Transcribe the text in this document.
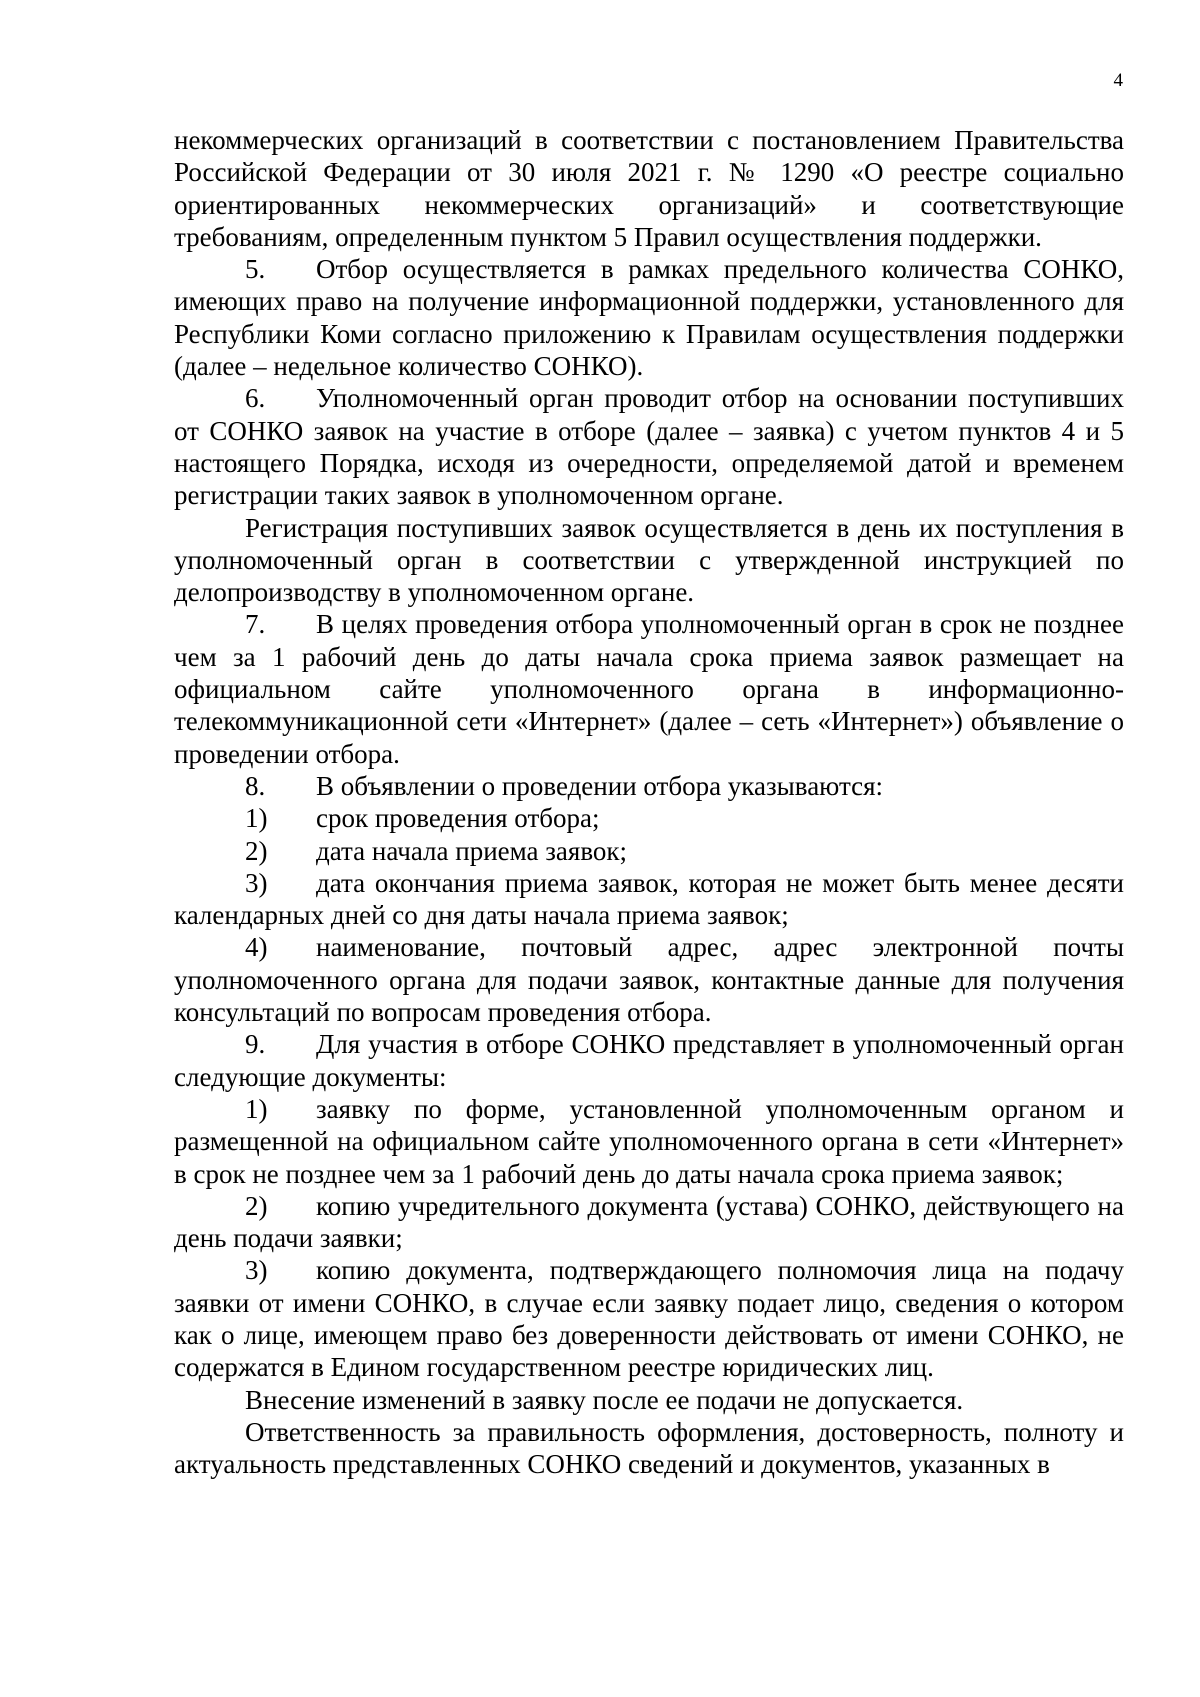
4

некоммерческих организаций в соответствии с постановлением Правительства Российской Федерации от 30 июля 2021 г. № 1290 «О реестре социально ориентированных некоммерческих организаций» и соответствующие требованиям, определенным пунктом 5 Правил осуществления поддержки.

5. Отбор осуществляется в рамках предельного количества СОНКО, имеющих право на получение информационной поддержки, установленного для Республики Коми согласно приложению к Правилам осуществления поддержки (далее – недельное количество СОНКО).

6. Уполномоченный орган проводит отбор на основании поступивших от СОНКО заявок на участие в отборе (далее – заявка) с учетом пунктов 4 и 5 настоящего Порядка, исходя из очередности, определяемой датой и временем регистрации таких заявок в уполномоченном органе.

Регистрация поступивших заявок осуществляется в день их поступления в уполномоченный орган в соответствии с утвержденной инструкцией по делопроизводству в уполномоченном органе.

7. В целях проведения отбора уполномоченный орган в срок не позднее чем за 1 рабочий день до даты начала срока приема заявок размещает на официальном сайте уполномоченного органа в информационно-телекоммуникационной сети «Интернет» (далее – сеть «Интернет») объявление о проведении отбора.

8. В объявлении о проведении отбора указываются:

1) срок проведения отбора;

2) дата начала приема заявок;

3) дата окончания приема заявок, которая не может быть менее десяти календарных дней со дня даты начала приема заявок;

4) наименование, почтовый адрес, адрес электронной почты уполномоченного органа для подачи заявок, контактные данные для получения консультаций по вопросам проведения отбора.

9. Для участия в отборе СОНКО представляет в уполномоченный орган следующие документы:

1) заявку по форме, установленной уполномоченным органом и размещенной на официальном сайте уполномоченного органа в сети «Интернет» в срок не позднее чем за 1 рабочий день до даты начала срока приема заявок;

2) копию учредительного документа (устава) СОНКО, действующего на день подачи заявки;

3) копию документа, подтверждающего полномочия лица на подачу заявки от имени СОНКО, в случае если заявку подает лицо, сведения о котором как о лице, имеющем право без доверенности действовать от имени СОНКО, не содержатся в Едином государственном реестре юридических лиц.

Внесение изменений в заявку после ее подачи не допускается.

Ответственность за правильность оформления, достоверность, полноту и актуальность представленных СОНКО сведений и документов, указанных в
